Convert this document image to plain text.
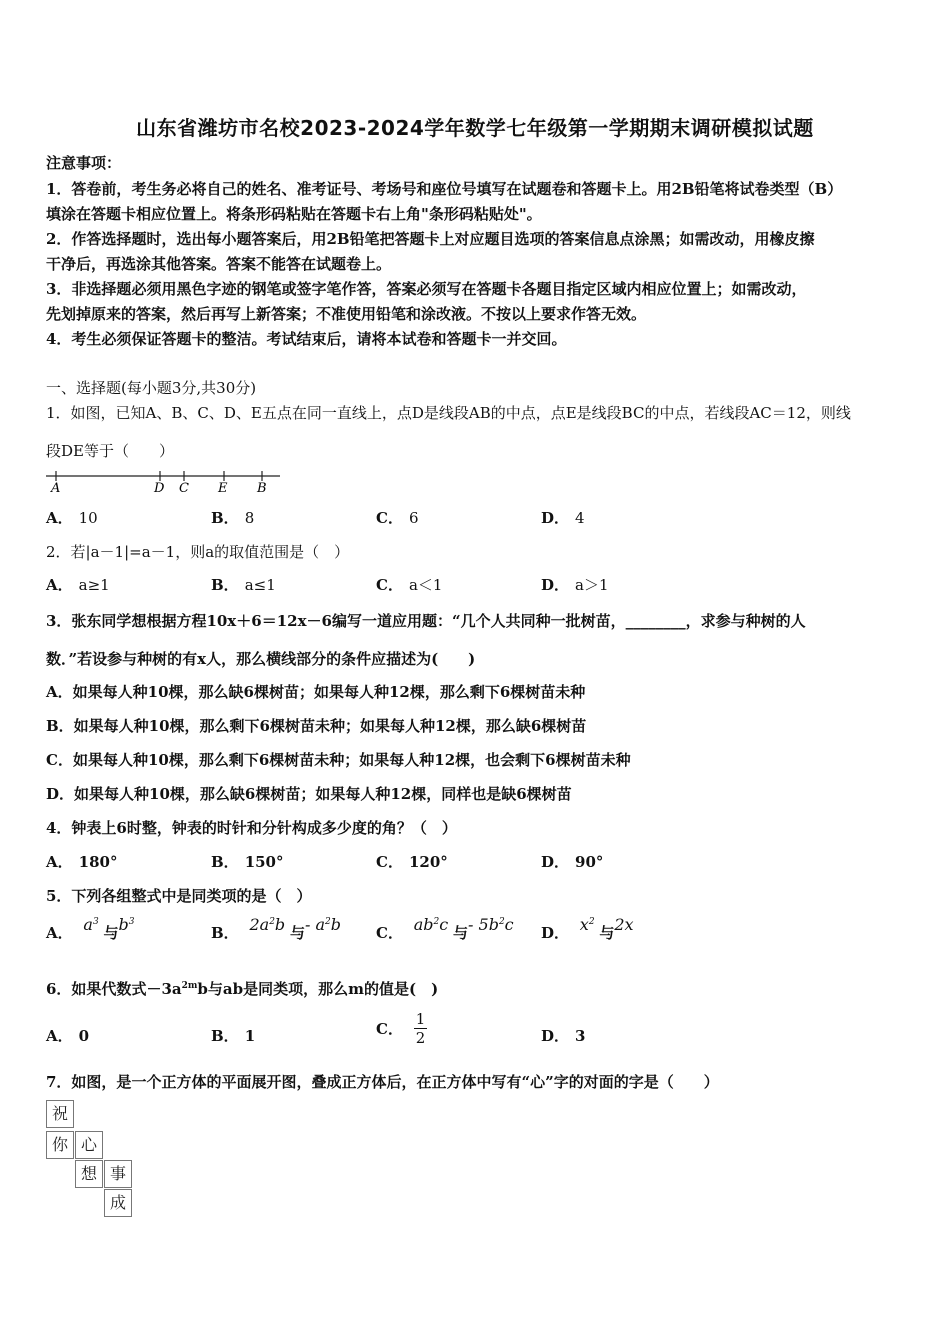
山东省潍坊市名校2023-2024学年数学七年级第一学期期末调研模拟试题
注意事项：
1．答卷前，考生务必将自己的姓名、准考证号、考场号和座位号填写在试题卷和答题卡上。用2B铅笔将试卷类型（B）
填涂在答题卡相应位置上。将条形码粘贴在答题卡右上角"条形码粘贴处"。
2．作答选择题时，选出每小题答案后，用2B铅笔把答题卡上对应题目选项的答案信息点涂黑；如需改动，用橡皮擦
干净后，再选涂其他答案。答案不能答在试题卷上。
3．非选择题必须用黑色字迹的钢笔或签字笔作答，答案必须写在答题卡各题目指定区域内相应位置上；如需改动，
先划掉原来的答案，然后再写上新答案；不准使用铅笔和涂改液。不按以上要求作答无效。
4．考生必须保证答题卡的整洁。考试结束后，请将本试卷和答题卡一并交回。
一、选择题(每小题3分,共30分)
1．如图，已知A、B、C、D、E五点在同一直线上，点D是线段AB的中点，点E是线段BC的中点，若线段AC＝12，则线
段DE等于（　　）
A	D C E B
A． 10	B． 8	C． 6	D． 4
2．若|a－1|=a－1，则a的取值范围是（　）
A． a≥1	B． a≤1	C． a＜1	D． a＞1
3．张东同学想根据方程10x＋6＝12x－6编写一道应用题：“几个人共同种一批树苗，________，求参与种树的人
数．”若设参与种树的有x人，那么横线部分的条件应描述为(　　)
A．如果每人种10棵，那么缺6棵树苗；如果每人种12棵，那么剩下6棵树苗未种
B．如果每人种10棵，那么剩下6棵树苗未种；如果每人种12棵，那么缺6棵树苗
C．如果每人种10棵，那么剩下6棵树苗未种；如果每人种12棵，也会剩下6棵树苗未种
D．如果每人种10棵，那么缺6棵树苗；如果每人种12棵，同样也是缺6棵树苗
4．钟表上6时整，钟表的时针和分针构成多少度的角？（　）
A． 180°	B． 150°	C． 120°	D． 90°
5．下列各组整式中是同类项的是（　）
A． $a^3$ 与$b^3$
B． $2a^2b$ 与- $a^2b$ C． $ab^2c$ 与- $5b^2c$ D． $x^2$ 与2x
6．如果代数式$-3a^{2m}b$与ab是同类项，那么m的值是(　)
A． 0	B． 1	C． $\frac{1}{2}$	D． 3
7．如图，是一个正方体的平面展开图，叠成正方体后，在正方体中写有“心”字的对面的字是（　　）
祝
你 心
想 事
成
